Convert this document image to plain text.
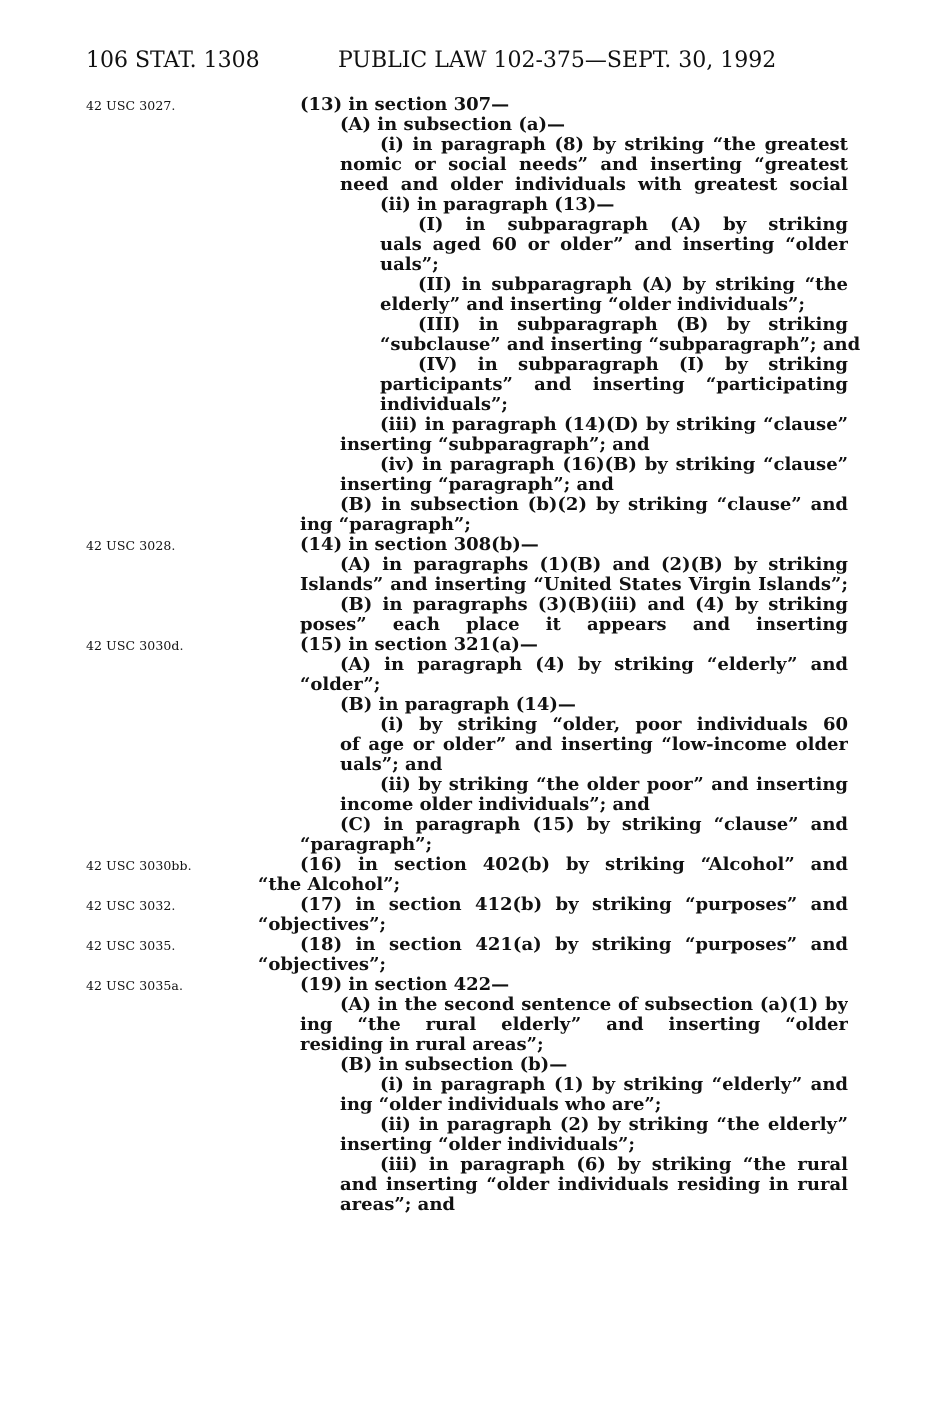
106 STAT. 1308	PUBLIC LAW 102-375—SEPT. 30, 1992
42 USC 3027.	(13) in section 307—
(A) in subsection (a)—
(i) in paragraph (8) by striking “the greatest
nomic or social needs” and inserting “greatest
need and older individuals with greatest social
(ii) in paragraph (13)—
(I) in subparagraph (A) by striking
uals aged 60 or older” and inserting “older
uals”;
(II) in subparagraph (A) by striking “the
elderly” and inserting “older individuals”;
(III) in subparagraph (B) by striking
“subclause” and inserting “subparagraph”; and
(IV) in subparagraph (I) by striking
participants” and inserting “participating
individuals”;
(iii) in paragraph (14)(D) by striking “clause”
inserting “subparagraph”; and
(iv) in paragraph (16)(B) by striking “clause”
inserting “paragraph”; and
(B) in subsection (b)(2) by striking “clause” and
ing “paragraph”;
42 USC 3028.	(14) in section 308(b)—
(A) in paragraphs (1)(B) and (2)(B) by striking
Islands” and inserting “United States Virgin Islands”;
(B) in paragraphs (3)(B)(iii) and (4) by striking
poses” each place it appears and inserting
42 USC 3030d.	(15) in section 321(a)—
(A) in paragraph (4) by striking “elderly” and
“older”;
(B) in paragraph (14)—
(i) by striking “older, poor individuals 60
of age or older” and inserting “low-income older
uals”; and
(ii) by striking “the older poor” and inserting
income older individuals”; and
(C) in paragraph (15) by striking “clause” and
“paragraph”;
42 USC 3030bb.	(16) in section 402(b) by striking “Alcohol” and
“the Alcohol”;
42 USC 3032.	(17) in section 412(b) by striking “purposes” and
“objectives”;
42 USC 3035.	(18) in section 421(a) by striking “purposes” and
“objectives”;
42 USC 3035a.	(19) in section 422—
(A) in the second sentence of subsection (a)(1) by
ing “the rural elderly” and inserting “older
residing in rural areas”;
(B) in subsection (b)—
(i) in paragraph (1) by striking “elderly” and
ing “older individuals who are”;
(ii) in paragraph (2) by striking “the elderly”
inserting “older individuals”;
(iii) in paragraph (6) by striking “the rural
and inserting “older individuals residing in rural
areas”; and
